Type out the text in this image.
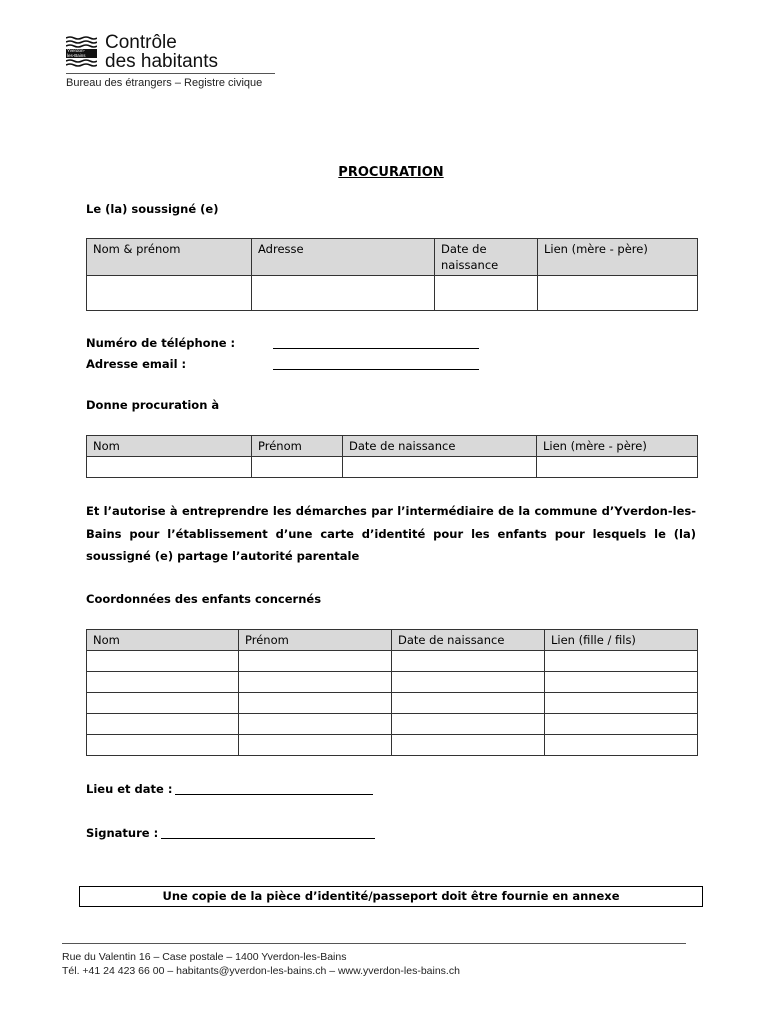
Yverdon-
les-Bains
Contrôle
des habitants
Bureau des étrangers – Registre civique
PROCURATION
Le (la) soussigné (e)
Nom & prénom	Adresse	Date de naissance	Lien (mère - père)

Numéro de téléphone :
Adresse email :
Donne procuration à
Nom	Prénom	Date de naissance	Lien (mère - père)

Et l’autorise à entreprendre les démarches par l’intermédiaire de la commune d’Yverdon-les-Bains pour l’établissement d’une carte d’identité pour les enfants pour lesquels le (la) soussigné (e) partage l’autorité parentale
Coordonnées des enfants concernés
Nom	Prénom	Date de naissance	Lien (fille / fils)

Lieu et date :
Signature :
Une copie de la pièce d’identité/passeport doit être fournie en annexe
Rue du Valentin 16 – Case postale – 1400 Yverdon-les-Bains
Tél. +41 24 423 66 00 – habitants@yverdon-les-bains.ch – www.yverdon-les-bains.ch
